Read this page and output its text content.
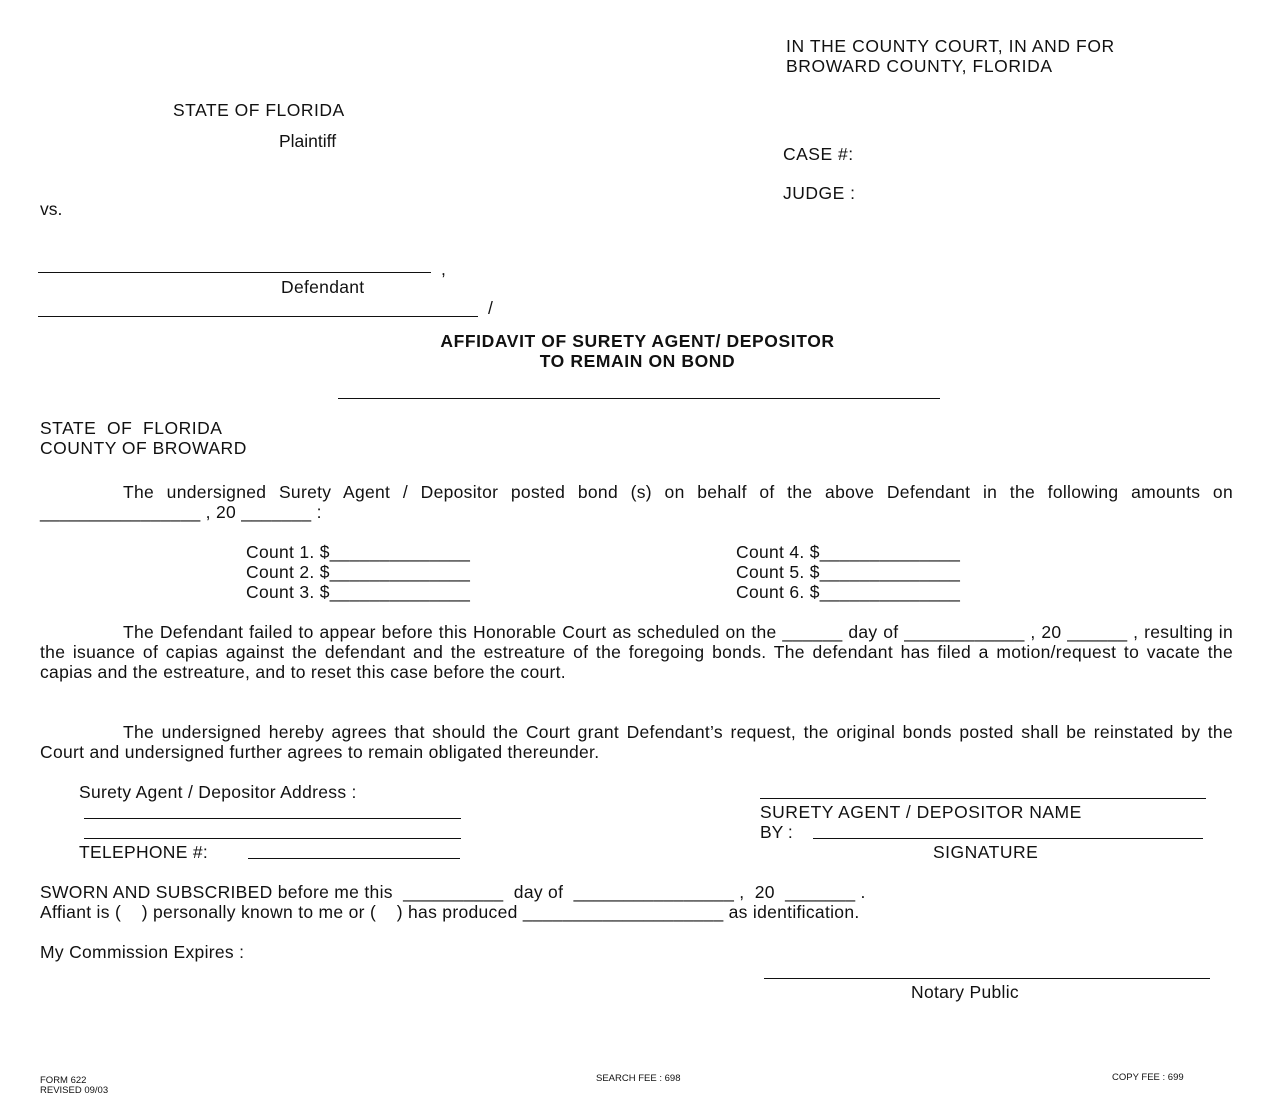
IN THE COUNTY COURT, IN AND FOR
BROWARD COUNTY, FLORIDA
STATE OF FLORIDA
Plaintiff
CASE #:
JUDGE :
vs.
,
Defendant
/
AFFIDAVIT OF SURETY AGENT/ DEPOSITOR
TO REMAIN ON BOND
STATE  OF  FLORIDA
COUNTY OF BROWARD
The undersigned Surety Agent / Depositor posted bond (s) on behalf of the above Defendant in the following amounts on ________________ , 20 _______ :
Count 1. $______________
Count 2. $______________
Count 3. $______________
Count 4. $______________
Count 5. $______________
Count 6. $______________
The Defendant failed to appear before this Honorable Court as scheduled on the ______ day of ____________ , 20 ______ , resulting in the isuance of capias against the defendant and the estreature of the foregoing bonds. The defendant has filed a motion/request to vacate the capias and the estreature, and to reset this case before the court.
The undersigned hereby agrees that should the Court grant Defendant’s request, the original bonds posted shall be reinstated by the Court and undersigned further agrees to remain obligated thereunder.
Surety Agent / Depositor Address :
TELEPHONE #:
SURETY AGENT / DEPOSITOR NAME
BY :
SIGNATURE
SWORN AND SUBSCRIBED before me this  __________  day of  ________________ ,  20  _______ .
Affiant is (    ) personally known to me or (    ) has produced ____________________ as identification.
My Commission Expires :
Notary Public
FORM 622
REVISED 09/03
SEARCH FEE : 698	COPY FEE : 699
